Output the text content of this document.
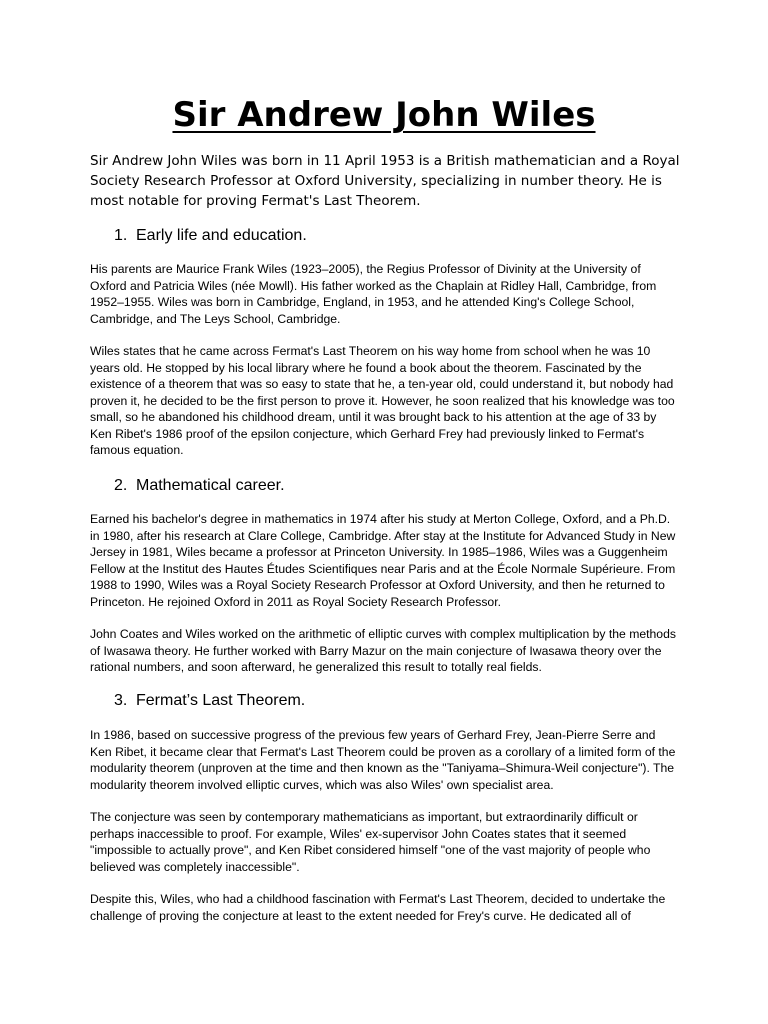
Sir Andrew John Wiles

Sir Andrew John Wiles was born in 11 April 1953 is a British mathematician and a Royal Society Research Professor at Oxford University, specializing in number theory. He is most notable for proving Fermat's Last Theorem.

1. Early life and education.

His parents are Maurice Frank Wiles (1923–2005), the Regius Professor of Divinity at the University of Oxford and Patricia Wiles (née Mowll). His father worked as the Chaplain at Ridley Hall, Cambridge, from 1952–1955. Wiles was born in Cambridge, England, in 1953, and he attended King's College School, Cambridge, and The Leys School, Cambridge.

Wiles states that he came across Fermat's Last Theorem on his way home from school when he was 10 years old. He stopped by his local library where he found a book about the theorem. Fascinated by the existence of a theorem that was so easy to state that he, a ten-year old, could understand it, but nobody had proven it, he decided to be the first person to prove it. However, he soon realized that his knowledge was too small, so he abandoned his childhood dream, until it was brought back to his attention at the age of 33 by Ken Ribet's 1986 proof of the epsilon conjecture, which Gerhard Frey had previously linked to Fermat's famous equation.

2. Mathematical career.

Earned his bachelor's degree in mathematics in 1974 after his study at Merton College, Oxford, and a Ph.D. in 1980, after his research at Clare College, Cambridge. After stay at the Institute for Advanced Study in New Jersey in 1981, Wiles became a professor at Princeton University. In 1985–1986, Wiles was a Guggenheim Fellow at the Institut des Hautes Études Scientifiques near Paris and at the École Normale Supérieure. From 1988 to 1990, Wiles was a Royal Society Research Professor at Oxford University, and then he returned to Princeton. He rejoined Oxford in 2011 as Royal Society Research Professor.

John Coates and Wiles worked on the arithmetic of elliptic curves with complex multiplication by the methods of Iwasawa theory. He further worked with Barry Mazur on the main conjecture of Iwasawa theory over the rational numbers, and soon afterward, he generalized this result to totally real fields.

3. Fermat’s Last Theorem.

In 1986, based on successive progress of the previous few years of Gerhard Frey, Jean-Pierre Serre and Ken Ribet, it became clear that Fermat's Last Theorem could be proven as a corollary of a limited form of the modularity theorem (unproven at the time and then known as the "Taniyama–Shimura-Weil conjecture"). The modularity theorem involved elliptic curves, which was also Wiles' own specialist area.

The conjecture was seen by contemporary mathematicians as important, but extraordinarily difficult or perhaps inaccessible to proof. For example, Wiles' ex-supervisor John Coates states that it seemed "impossible to actually prove", and Ken Ribet considered himself "one of the vast majority of people who believed was completely inaccessible".

Despite this, Wiles, who had a childhood fascination with Fermat's Last Theorem, decided to undertake the challenge of proving the conjecture at least to the extent needed for Frey's curve. He dedicated all of
